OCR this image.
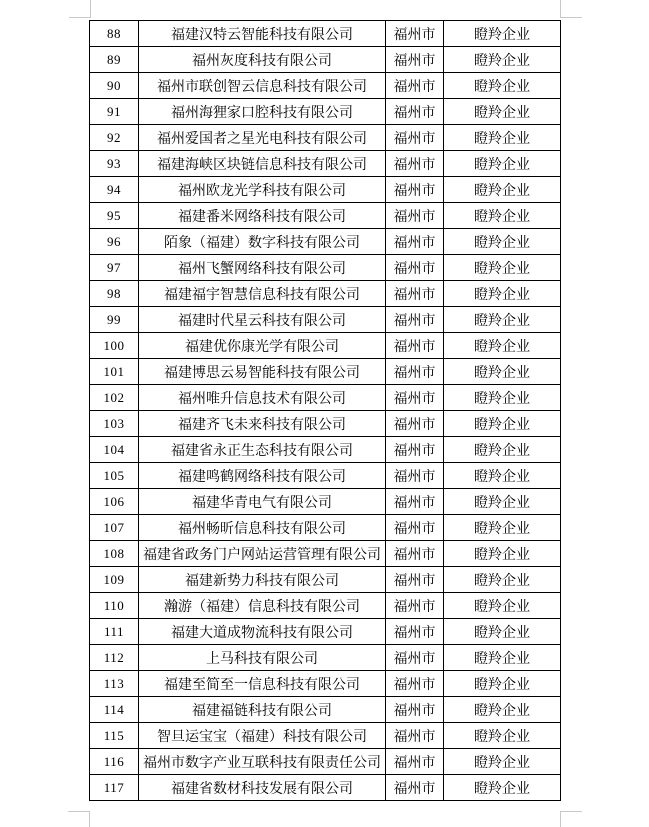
88	福建汉特云智能科技有限公司	福州市	瞪羚企业
89	福州灰度科技有限公司	福州市	瞪羚企业
90	福州市联创智云信息科技有限公司	福州市	瞪羚企业
91	福州海狸家口腔科技有限公司	福州市	瞪羚企业
92	福州爱国者之星光电科技有限公司	福州市	瞪羚企业
93	福建海峡区块链信息科技有限公司	福州市	瞪羚企业
94	福州欧龙光学科技有限公司	福州市	瞪羚企业
95	福建番米网络科技有限公司	福州市	瞪羚企业
96	陌象（福建）数字科技有限公司	福州市	瞪羚企业
97	福州飞蟹网络科技有限公司	福州市	瞪羚企业
98	福建福宇智慧信息科技有限公司	福州市	瞪羚企业
99	福建时代星云科技有限公司	福州市	瞪羚企业
100	福建优你康光学有限公司	福州市	瞪羚企业
101	福建博思云易智能科技有限公司	福州市	瞪羚企业
102	福州唯升信息技术有限公司	福州市	瞪羚企业
103	福建齐飞未来科技有限公司	福州市	瞪羚企业
104	福建省永正生态科技有限公司	福州市	瞪羚企业
105	福建鸣鹤网络科技有限公司	福州市	瞪羚企业
106	福建华青电气有限公司	福州市	瞪羚企业
107	福州畅昕信息科技有限公司	福州市	瞪羚企业
108	福建省政务门户网站运营管理有限公司	福州市	瞪羚企业
109	福建新势力科技有限公司	福州市	瞪羚企业
110	瀚游（福建）信息科技有限公司	福州市	瞪羚企业
111	福建大道成物流科技有限公司	福州市	瞪羚企业
112	上马科技有限公司	福州市	瞪羚企业
113	福建至简至一信息科技有限公司	福州市	瞪羚企业
114	福建福链科技有限公司	福州市	瞪羚企业
115	智旦运宝宝（福建）科技有限公司	福州市	瞪羚企业
116	福州市数字产业互联科技有限责任公司	福州市	瞪羚企业
117	福建省数材科技发展有限公司	福州市	瞪羚企业
